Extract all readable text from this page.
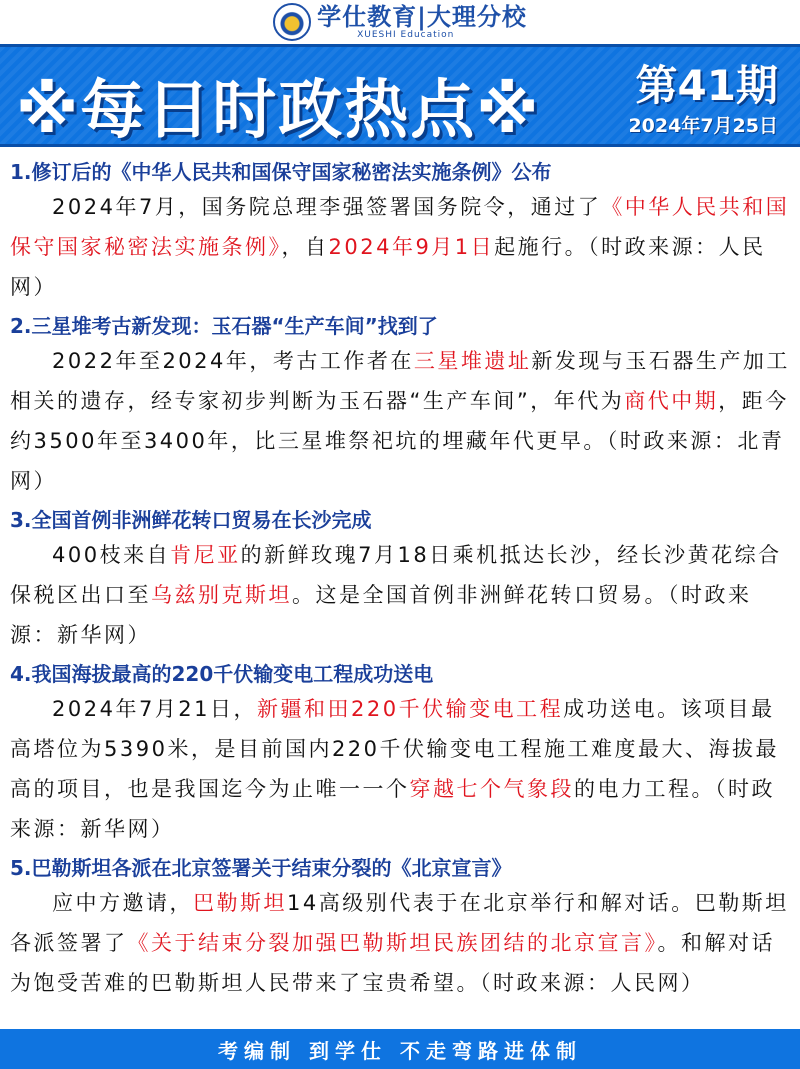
学仕教育|大理分校
XUESHI Education
※每日时政热点※ 第41期
2024年7月25日
1.修订后的《中华人民共和国保守国家秘密法实施条例》公布

2024年7月，国务院总理李强签署国务院令，通过了《中华人民共和国保守国家秘密法实施条例》，自2024年9月1日起施行。（时政来源：人民网）

2.三星堆考古新发现：玉石器“生产车间”找到了

2022年至2024年，考古工作者在三星堆遗址新发现与玉石器生产加工相关的遗存，经专家初步判断为玉石器“生产车间”，年代为商代中期，距今约3500年至3400年，比三星堆祭祀坑的埋藏年代更早。（时政来源：北青网）

3.全国首例非洲鲜花转口贸易在长沙完成

400枝来自肯尼亚的新鲜玫瑰7月18日乘机抵达长沙，经长沙黄花综合保税区出口至乌兹别克斯坦。这是全国首例非洲鲜花转口贸易。（时政来源：新华网）

4.我国海拔最高的220千伏输变电工程成功送电

2024年7月21日，新疆和田220千伏输变电工程成功送电。该项目最高塔位为5390米，是目前国内220千伏输变电工程施工难度最大、海拔最高的项目，也是我国迄今为止唯一一个穿越七个气象段的电力工程。（时政来源：新华网）

5.巴勒斯坦各派在北京签署关于结束分裂的《北京宣言》

应中方邀请，巴勒斯坦14高级别代表于在北京举行和解对话。巴勒斯坦各派签署了《关于结束分裂加强巴勒斯坦民族团结的北京宣言》。和解对话为饱受苦难的巴勒斯坦人民带来了宝贵希望。（时政来源：人民网）

考编制 到学仕 不走弯路进体制
